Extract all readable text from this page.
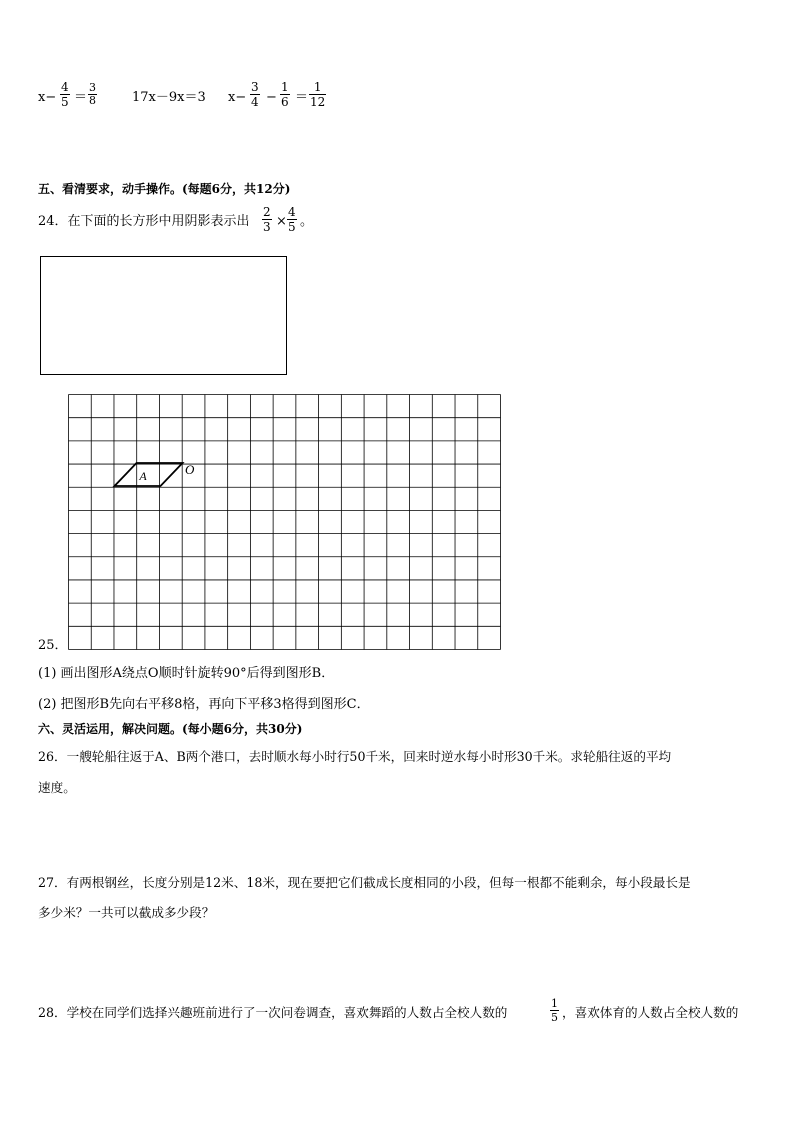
$x- \frac{4}{5} = \frac{3}{8}$	17x－9x＝3 $x- \frac{3}{4} - \frac{1}{6} = \frac{1}{12}$
五、看清要求，动手操作。(每题6分，共12分)
24．在下面的长方形中用阴影表示出 $\frac{2}{3} \times \frac{4}{5}$ 。
A	O
25．
(1) 画出图形A绕点O顺时针旋转90°后得到图形B．
(2) 把图形B先向右平移8格，再向下平移3格得到图形C．
六、灵活运用，解决问题。(每小题6分，共30分)
26．一艘轮船往返于A、B两个港口，去时顺水每小时行50千米，回来时逆水每小时形30千米。求轮船往返的平均
速度。
27．有两根钢丝，长度分别是12米、18米，现在要把它们截成长度相同的小段，但每一根都不能剩余，每小段最长是
多少米？一共可以截成多少段？
28．学校在同学们选择兴趣班前进行了一次问卷调查，喜欢舞蹈的人数占全校人数的	$\frac{1}{5}$ ，喜欢体育的人数占全校人数的
